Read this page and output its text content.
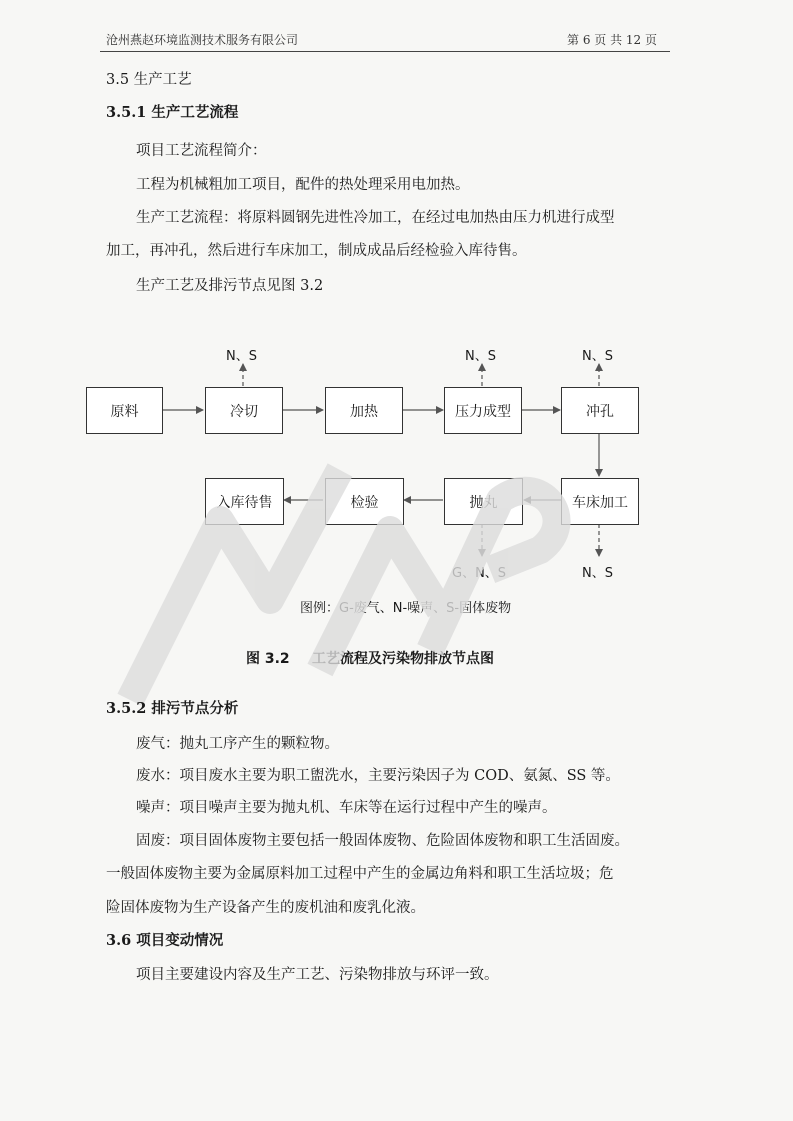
沧州燕赵环境监测技术服务有限公司	第 6 页 共 12 页
3.5 生产工艺
3.5.1 生产工艺流程
项目工艺流程简介：
工程为机械粗加工项目，配件的热处理采用电加热。
生产工艺流程：将原料圆钢先进性冷加工，在经过电加热由压力机进行成型
加工，再冲孔，然后进行车床加工，制成成品后经检验入库待售。
生产工艺及排污节点见图 3.2
原料	冷切	加热	压力成型	冲孔
车床加工
抛丸
检验
入库待售
N、S	N、S	N、S
G、N、S	N、S
图例：G-废气、N-噪声、S-固体废物
图 3.2 工艺流程及污染物排放节点图
3.5.2 排污节点分析
废气：抛丸工序产生的颗粒物。
废水：项目废水主要为职工盥洗水，主要污染因子为 COD、氨氮、SS 等。
噪声：项目噪声主要为抛丸机、车床等在运行过程中产生的噪声。
固废：项目固体废物主要包括一般固体废物、危险固体废物和职工生活固废。
一般固体废物主要为金属原料加工过程中产生的金属边角料和职工生活垃圾；危
险固体废物为生产设备产生的废机油和废乳化液。
3.6 项目变动情况
项目主要建设内容及生产工艺、污染物排放与环评一致。
